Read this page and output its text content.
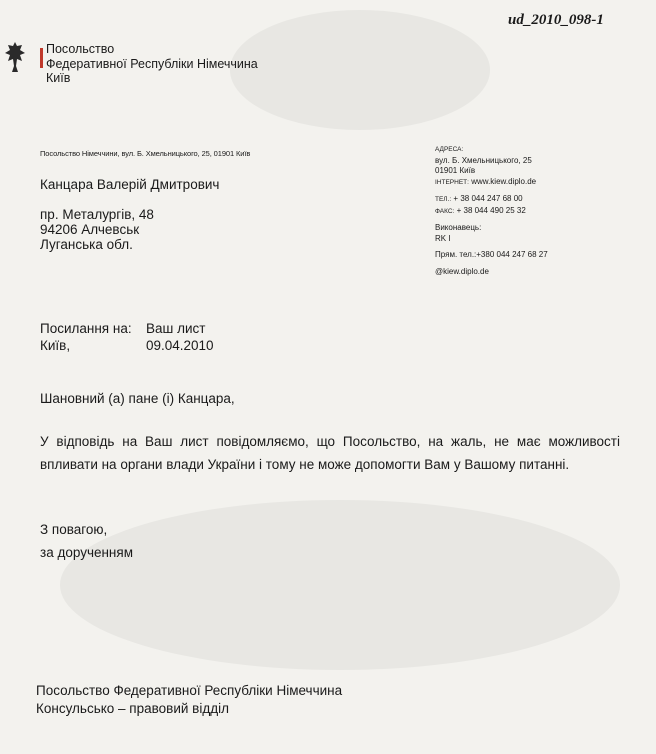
ud_2010_098-1
Посольство
Федеративної Республіки Німеччина
Київ
Посольство Німеччини, вул. Б. Хмельницького, 25, 01901 Київ
Канцара Валерій Дмитрович
пр. Металургів, 48
94206 Алчевськ
Луганська обл.
АДРЕСА:
вул. Б. Хмельницького, 25
01901 Київ
ІНТЕРНЕТ: www.kiew.diplo.de
ТЕЛ.: + 38 044 247 68 00
ФАКС: + 38 044 490 25 32
Виконавець:
RK I
Прям. тел.:+380 044 247 68 27
@kiew.diplo.de
Посилання на:	Ваш лист
Київ,	09.04.2010
Шановний (а) пане (і) Канцара,
У відповідь на Ваш лист повідомляємо, що Посольство, на жаль, не має можливості впливати на органи влади України і тому не може допомогти Вам у Вашому питанні.
З повагою,
за дорученням
Посольство Федеративної Республіки Німеччина
Консульсько – правовий відділ
